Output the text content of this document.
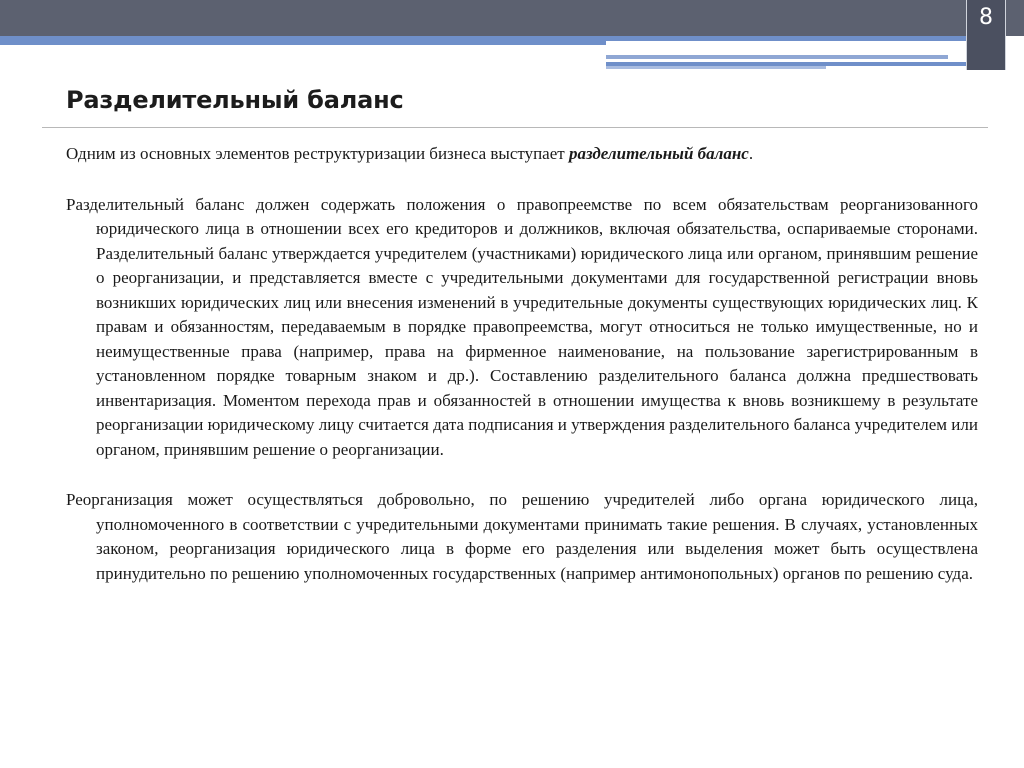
8
Разделительный баланс

Одним из основных элементов реструктуризации бизнеса выступает разделительный баланс.

Разделительный баланс должен содержать положения о правопреемстве по всем обязательствам реорганизованного юридического лица в отношении всех его кредиторов и должников, включая обязательства, оспариваемые сторонами. Разделительный баланс утверждается учредителем (участниками) юридического лица или органом, принявшим решение о реорганизации, и представляется вместе с учредительными документами для государственной регистрации вновь возникших юридических лиц или внесения изменений в учредительные документы существующих юридических лиц. К правам и обязанностям, передаваемым в порядке правопреемства, могут относиться не только имущественные, но и неимущественные права (например, права на фирменное наименование, на пользование зарегистрированным в установленном порядке товарным знаком и др.). Составлению разделительного баланса должна предшествовать инвентаризация. Моментом перехода прав и обязанностей в отношении имущества к вновь возникшему в результате реорганизации юридическому лицу считается дата подписания и утверждения разделительного баланса учредителем или органом, принявшим решение о реорганизации.

Реорганизация может осуществляться добровольно, по решению учредителей либо органа юридического лица, уполномоченного в соответствии с учредительными документами принимать такие решения. В случаях, установленных законом, реорганизация юридического лица в форме его разделения или выделения может быть осуществлена принудительно по решению уполномоченных государственных (например антимонопольных) органов по решению суда.
